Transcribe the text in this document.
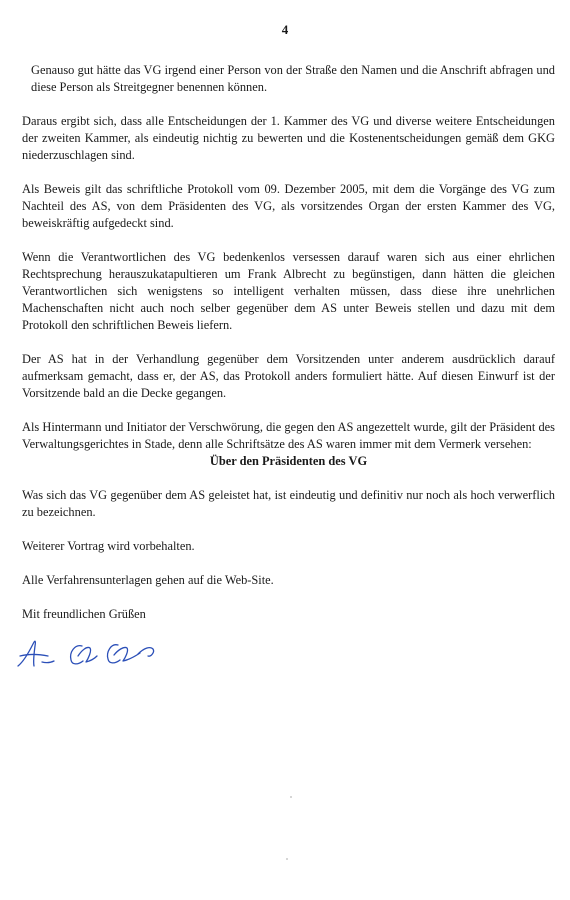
4

Genauso gut hätte das VG irgend einer Person von der Straße den Namen und die Anschrift abfragen und diese Person als Streitgegner benennen können.

Daraus ergibt sich, dass alle Entscheidungen der 1. Kammer des VG und diverse weitere Entscheidungen der zweiten Kammer, als eindeutig nichtig zu bewerten und die Kostenentscheidungen gemäß dem GKG niederzuschlagen sind.

Als Beweis gilt das schriftliche Protokoll vom 09. Dezember 2005, mit dem die Vorgänge des VG zum Nachteil des AS, von dem Präsidenten des VG, als vorsitzendes Organ der ersten Kammer des VG, beweiskräftig aufgedeckt sind.

Wenn die Verantwortlichen des VG bedenkenlos versessen darauf waren sich aus einer ehrlichen Rechtsprechung herauszukatapultieren um Frank Albrecht zu begünstigen, dann hätten die gleichen Verantwortlichen sich wenigstens so intelligent verhalten müssen, dass diese ihre unehrlichen Machenschaften nicht auch noch selber gegenüber dem AS unter Beweis stellen und dazu mit dem Protokoll den schriftlichen Beweis liefern.

Der AS hat in der Verhandlung gegenüber dem Vorsitzenden unter anderem ausdrücklich darauf aufmerksam gemacht, dass er, der AS, das Protokoll anders formuliert hätte. Auf diesen Einwurf ist der Vorsitzende bald an die Decke gegangen.

Als Hintermann und Initiator der Verschwörung, die gegen den AS angezettelt wurde, gilt der Präsident des Verwaltungsgerichtes in Stade, denn alle Schriftsätze des AS waren immer mit dem Vermerk versehen:

Über den Präsidenten des VG

Was sich das VG gegenüber dem AS geleistet hat, ist eindeutig und definitiv nur noch als hoch verwerflich zu bezeichnen.

Weiterer Vortrag wird vorbehalten.

Alle Verfahrensunterlagen gehen auf die Web-Site.

Mit freundlichen Grüßen
